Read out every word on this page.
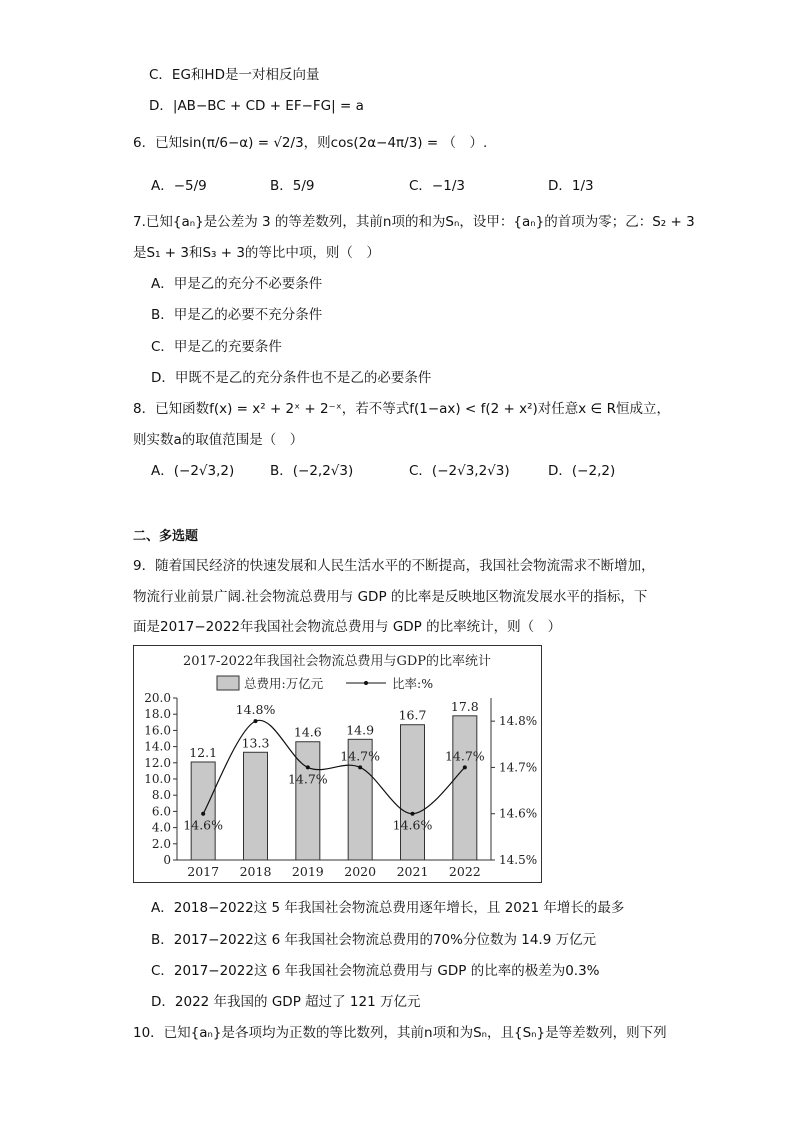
C．EG和HD是一对相反向量
D．|AB−BC + CD + EF−FG| = a
6．已知sin(π/6−α) = √2/3，则cos(2α−4π/3) = （　）.
A．−5/9	B．5/9	C．−1/3	D．1/3
7.已知{aₙ}是公差为 3 的等差数列，其前n项的和为Sₙ，设甲：{aₙ}的首项为零；乙：S₂ + 3
是S₁ + 3和S₃ + 3的等比中项，则（　）
A．甲是乙的充分不必要条件
B．甲是乙的必要不充分条件
C．甲是乙的充要条件
D．甲既不是乙的充分条件也不是乙的必要条件
8．已知函数f(x) = x² + 2ˣ + 2⁻ˣ，若不等式f(1−ax) < f(2 + x²)对任意x ∈ R恒成立，
则实数a的取值范围是（　）
A．(−2√3,2)	B．(−2,2√3)	C．(−2√3,2√3)	D．(−2,2)
二、多选题
9．随着国民经济的快速发展和人民生活水平的不断提高，我国社会物流需求不断增加，
物流行业前景广阔.社会物流总费用与 GDP 的比率是反映地区物流发展水平的指标，下
面是2017−2022年我国社会物流总费用与 GDP 的比率统计，则（　）
2017-2022年我国社会物流总费用与GDP的比率统计
总费用:万亿元	比率:%
0
2.0
4.0
6.0
8.0
10.0
12.0
14.0
16.0
18.0
20.0
14.5%
14.6%
14.7%
14.8%
12.1
2017
13.3
2018
14.6
2019
14.9
2020
16.7
2021
17.8
2022
14.6%
14.8%
14.7%
14.7%
14.6%
14.7%
A．2018−2022这 5 年我国社会物流总费用逐年增长，且 2021 年增长的最多
B．2017−2022这 6 年我国社会物流总费用的70%分位数为 14.9 万亿元
C．2017−2022这 6 年我国社会物流总费用与 GDP 的比率的极差为0.3%
D．2022 年我国的 GDP 超过了 121 万亿元
10．已知{aₙ}是各项均为正数的等比数列，其前n项和为Sₙ，且{Sₙ}是等差数列，则下列
